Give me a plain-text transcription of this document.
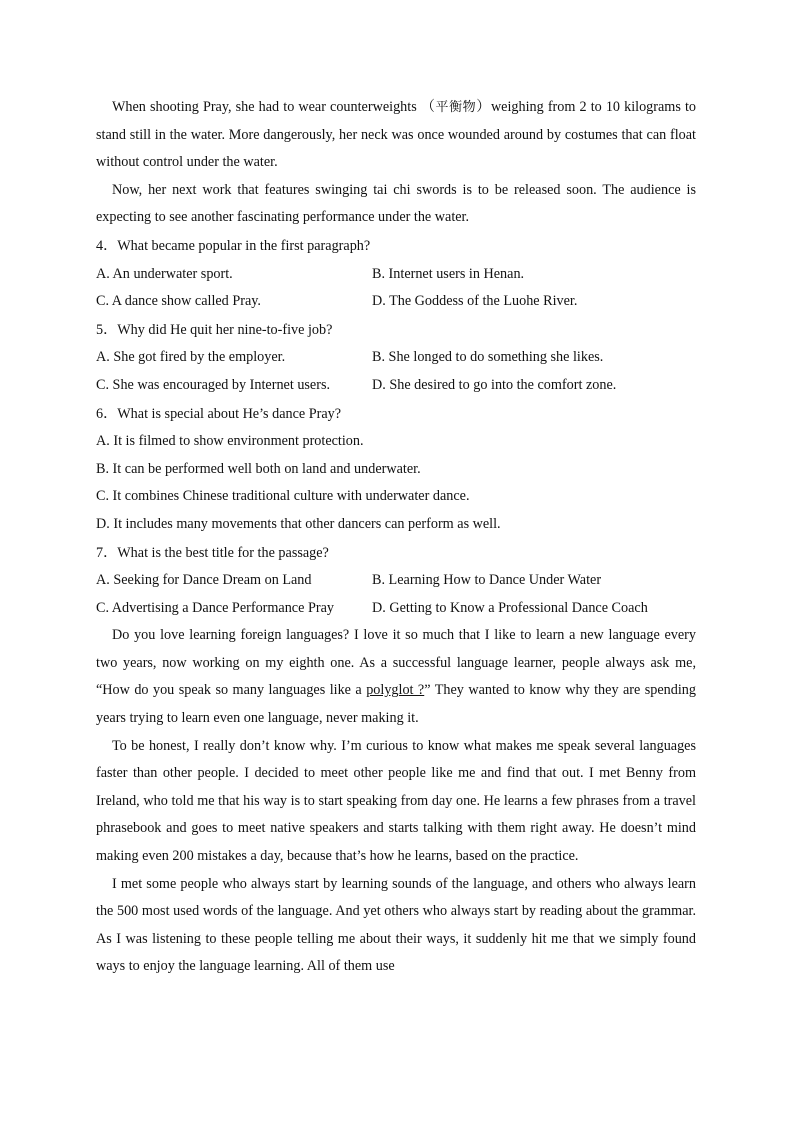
When shooting Pray, she had to wear counterweights （平衡物）weighing from 2 to 10 kilograms to stand still in the water. More dangerously, her neck was once wounded around by costumes that can float without control under the water.

Now, her next work that features swinging tai chi swords is to be released soon. The audience is expecting to see another fascinating performance under the water.

4．What became popular in the first paragraph?
A. An underwater sport.	B. Internet users in Henan.
C. A dance show called Pray.	D. The Goddess of the Luohe River.
5．Why did He quit her nine-to-five job?
A. She got fired by the employer.	B. She longed to do something she likes.
C. She was encouraged by Internet users.	D. She desired to go into the comfort zone.
6．What is special about He’s dance Pray?
A. It is filmed to show environment protection.
B. It can be performed well both on land and underwater.
C. It combines Chinese traditional culture with underwater dance.
D. It includes many movements that other dancers can perform as well.
7．What is the best title for the passage?
A. Seeking for Dance Dream on Land	B. Learning How to Dance Under Water
C. Advertising a Dance Performance Pray	D. Getting to Know a Professional Dance Coach

Do you love learning foreign languages? I love it so much that I like to learn a new language every two years, now working on my eighth one. As a successful language learner, people always ask me, “How do you speak so many languages like a polyglot ?” They wanted to know why they are spending years trying to learn even one language, never making it.

To be honest, I really don’t know why. I’m curious to know what makes me speak several languages faster than other people. I decided to meet other people like me and find that out. I met Benny from Ireland, who told me that his way is to start speaking from day one. He learns a few phrases from a travel phrasebook and goes to meet native speakers and starts talking with them right away. He doesn’t mind making even 200 mistakes a day, because that’s how he learns, based on the practice.

I met some people who always start by learning sounds of the language, and others who always learn the 500 most used words of the language. And yet others who always start by reading about the grammar. As I was listening to these people telling me about their ways, it suddenly hit me that we simply found ways to enjoy the language learning. All of them use
